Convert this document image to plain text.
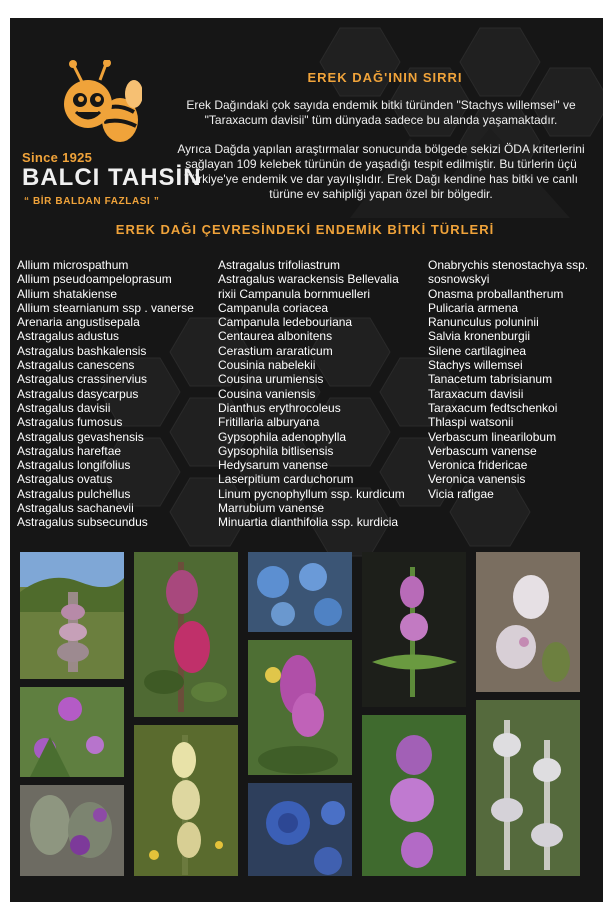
Since 1925
BALCI TAHSİN
“ BİR BALDAN FAZLASI ”
EREK DAĞ'ININ SIRRI

Erek Dağındaki çok sayıda endemik bitki türünden "Stachys willemsei" ve "Taraxacum davisii" tüm dünyada sadece bu alanda yaşamaktadır.

Ayrıca Dağda yapılan araştırmalar sonucunda bölgede sekizi ÖDA kriterlerini sağlayan 109 kelebek türünün de yaşadığı tespit edilmiştir. Bu türlerin üçü Türkiye'ye endemik ve dar yayılışlıdır. Erek Dağı kendine has bitki ve canlı türüne ev sahipliği yapan özel bir bölgedir.

EREK DAĞI ÇEVRESİNDEKİ ENDEMİK BİTKİ TÜRLERİ
Allium microspathum
Allium pseudoampeloprasum
Allium shatakiense
Allium stearnianum ssp . vanerse
Arenaria angustisepala
Astragalus adustus
Astragalus bashkalensis
Astragalus canescens
Astragalus crassinervius
Astragalus dasycarpus
Astragalus davisii
Astragalus fumosus
Astragalus gevashensis
Astragalus hareftae
Astragalus longifolius
Astragalus ovatus
Astragalus pulchellus
Astragalus sachanevii
Astragalus subsecundus
Astragalus trifoliastrum
Astragalus warackensis Bellevalia
rixii Campanula bornmuelleri
Campanula coriacea
Campanula ledebouriana
Centaurea albonitens
Cerastium araraticum
Cousinia nabelekii
Cousina urumiensis
Cousina vaniensis
Dianthus erythrocoleus
Fritillaria alburyana
Gypsophila adenophylla
Gypsophila bitlisensis
Hedysarum vanense
Laserpitium carduchorum
Linum pycnophyllum ssp. kurdicum
Marrubium vanense
Minuartia dianthifolia ssp. kurdicia
Onabrychis stenostachya ssp.
sosnowskyi
Onasma proballantherum
Pulicaria armena
Ranunculus poluninii
Salvia kronenburgii
Silene cartilaginea
Stachys willemsei
Tanacetum tabrisianum
Taraxacum davisii
Taraxacum fedtschenkoi
Thlaspi watsonii
Verbascum linearilobum
Verbascum vanense
Veronica fridericae
Veronica vanensis
Vicia rafigae
